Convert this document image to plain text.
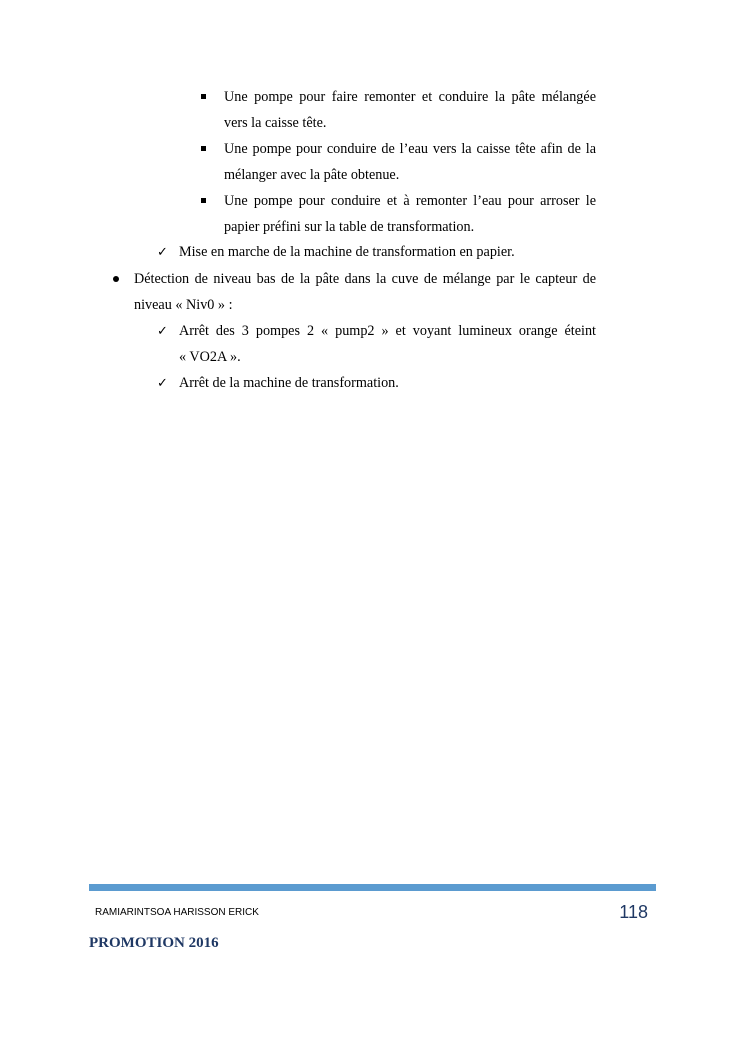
Une pompe pour faire remonter et conduire la pâte mélangée
vers la caisse tête.
Une pompe pour conduire de l’eau vers la caisse tête afin de la
mélanger avec la pâte obtenue.
Une pompe pour conduire et à remonter l’eau pour arroser le
papier préfini sur la table de transformation.
✓ Mise en marche de la machine de transformation en papier.
Détection de niveau bas de la pâte dans la cuve de mélange par le capteur de
niveau « Niv0 » :
✓ Arrêt des 3 pompes 2 « pump2 » et voyant lumineux orange éteint
« VO2A ».
✓ Arrêt de la machine de transformation.
RAMIARINTSOA HARISSON ERICK	118
PROMOTION 2016
